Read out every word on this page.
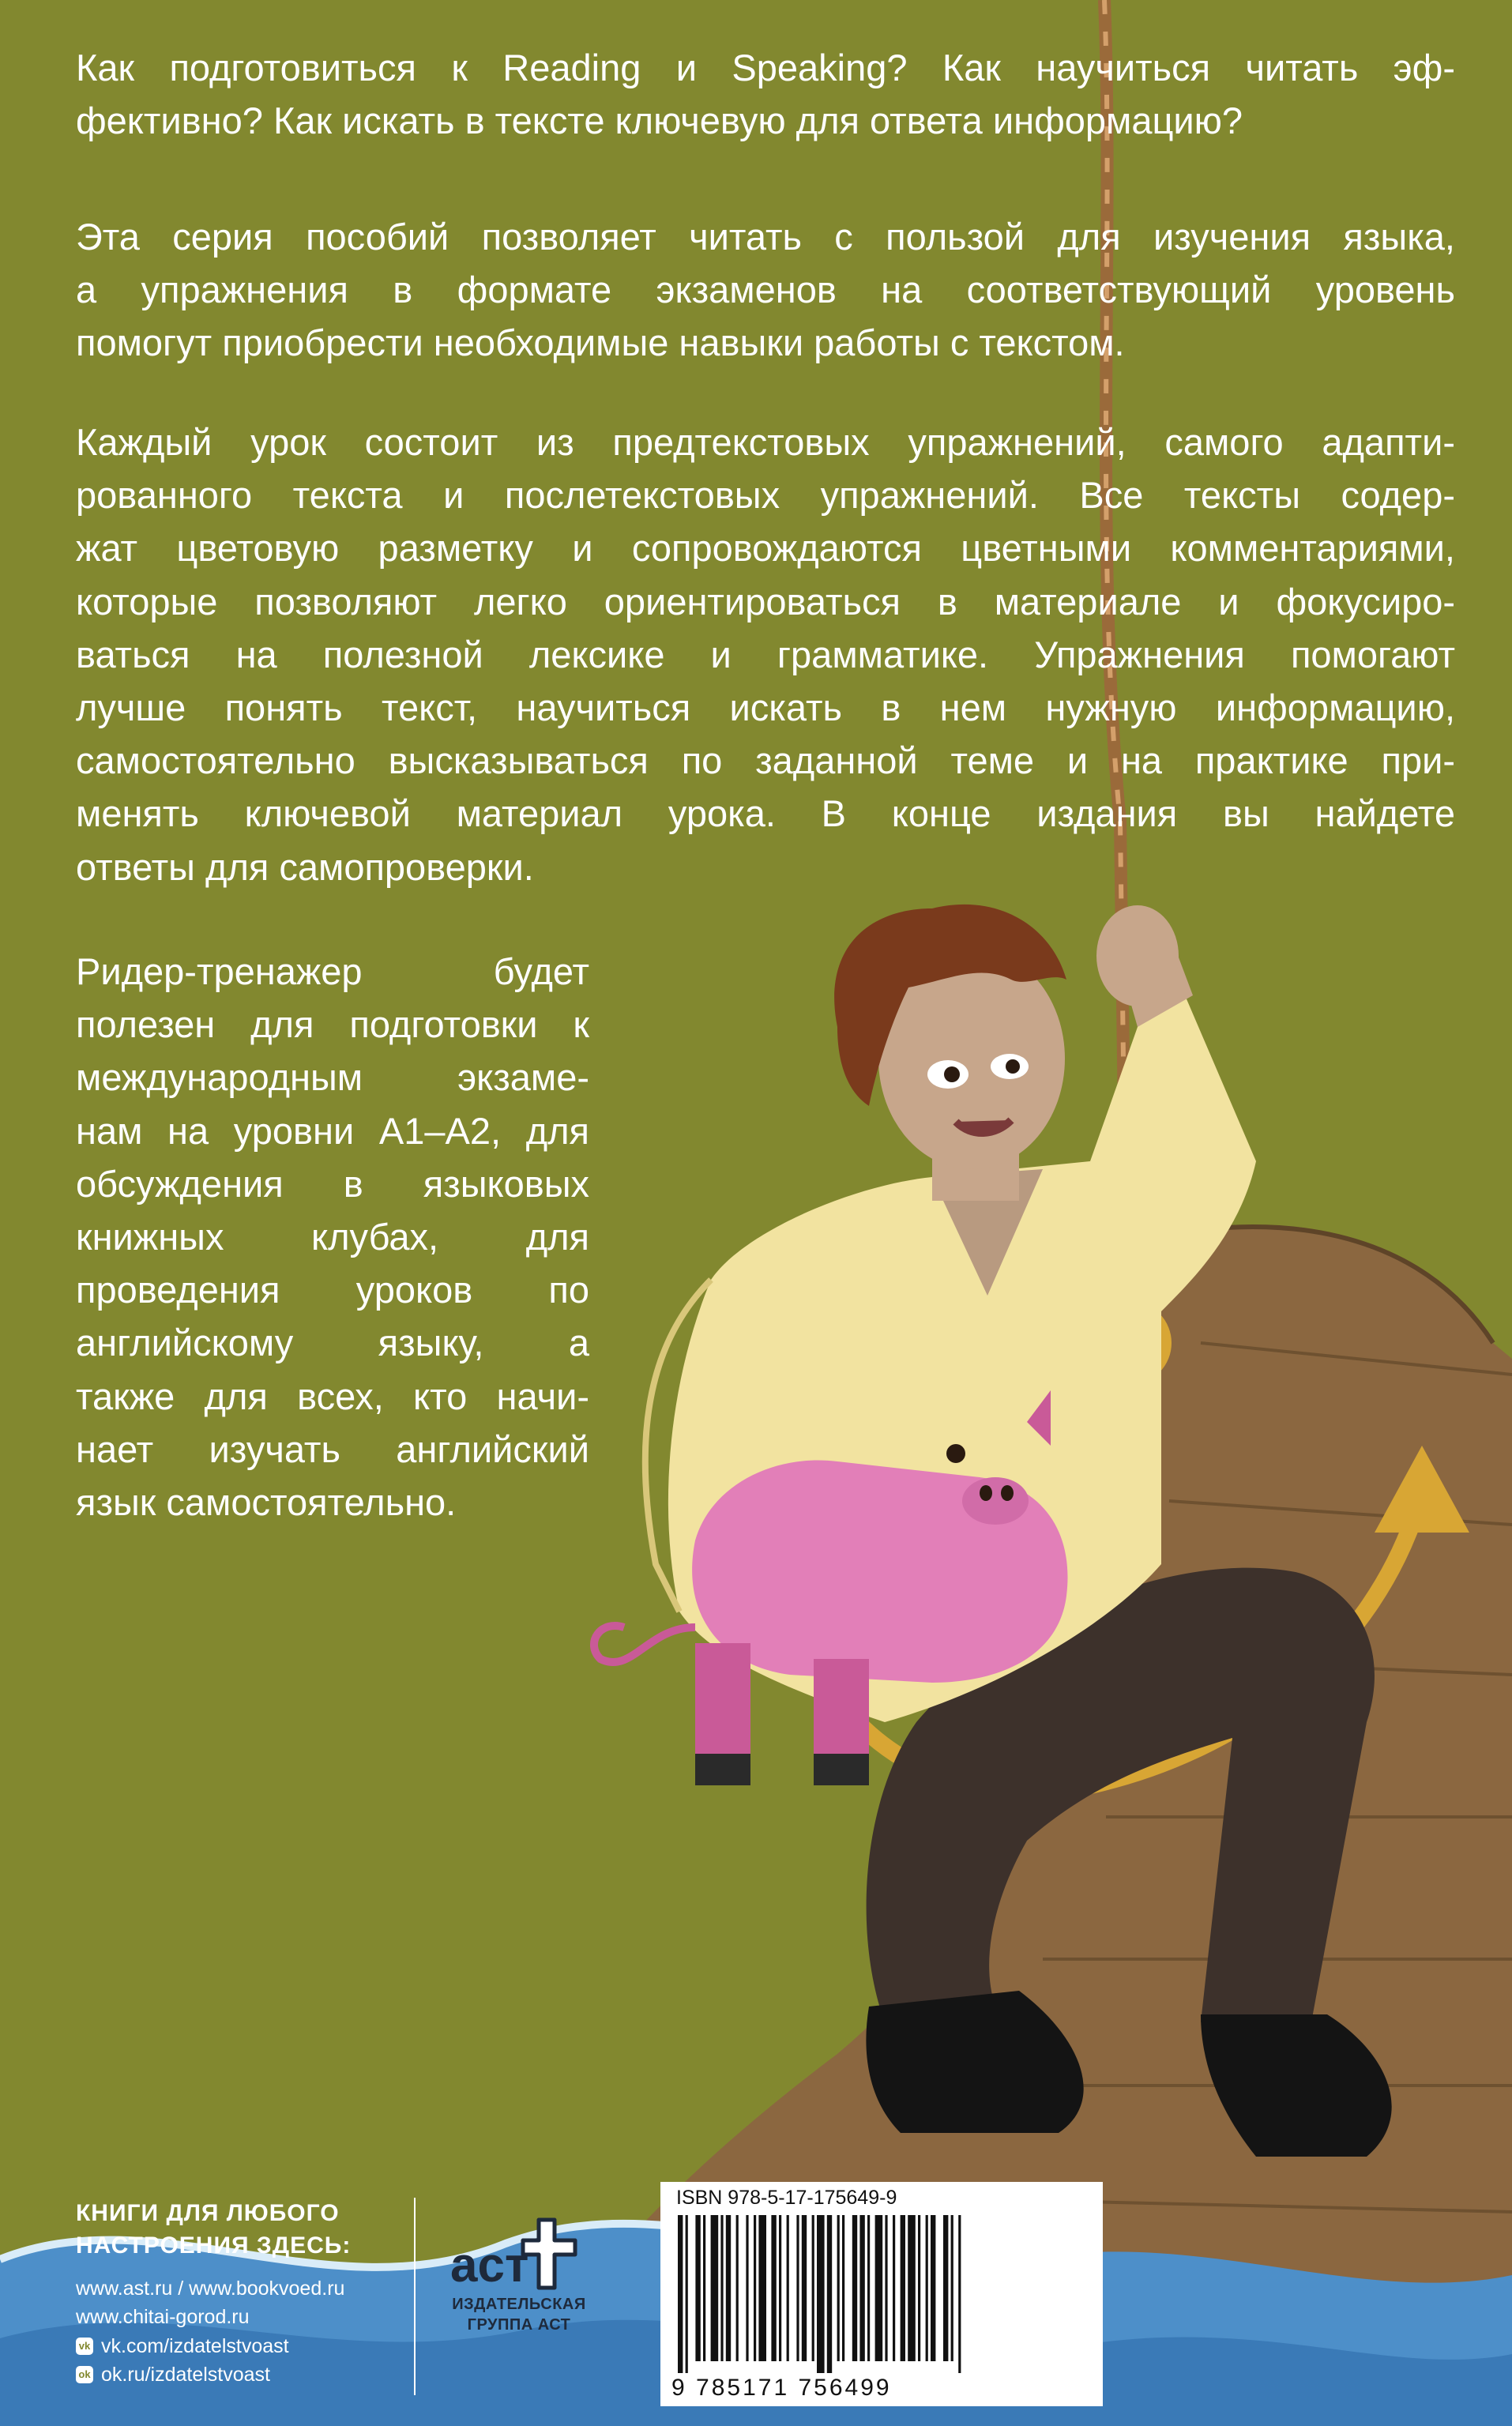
Как подготовиться к Reading и Speaking? Как научиться читать эф-
фективно? Как искать в тексте ключевую для ответа информацию?
Эта серия пособий позволяет читать с пользой для изучения языка,
а упражнения в формате экзаменов на соответствующий уровень
помогут приобрести необходимые навыки работы с текстом.
Каждый урок состоит из предтекстовых упражнений, самого адапти-
рованного текста и послетекстовых упражнений. Все тексты содер-
жат цветовую разметку и сопровождаются цветными комментариями,
которые позволяют легко ориентироваться в материале и фокусиро-
ваться на полезной лексике и грамматике. Упражнения помогают
лучше понять текст, научиться искать в нем нужную информацию,
самостоятельно высказываться по заданной теме и на практике при-
менять ключевой материал урока. В конце издания вы найдете
ответы для самопроверки.
Ридер-тренажер будет
полезен для подготовки к
международным экзаме-
нам на уровни А1–А2, для
обсуждения в языковых
книжных клубах, для
проведения уроков по
английскому языку, а
также для всех, кто начи-
нает изучать английский
язык самостоятельно.
КНИГИ ДЛЯ ЛЮБОГО
НАСТРОЕНИЯ ЗДЕСЬ:
www.ast.ru / www.bookvoed.ru
www.chitai-gorod.ru
vk vk.com/izdatelstvoast
ok ok.ru/izdatelstvoast
аст
ИЗДАТЕЛЬСКАЯ
ГРУППА АСТ
ISBN 978-5-17-175649-9
9 785171 756499
